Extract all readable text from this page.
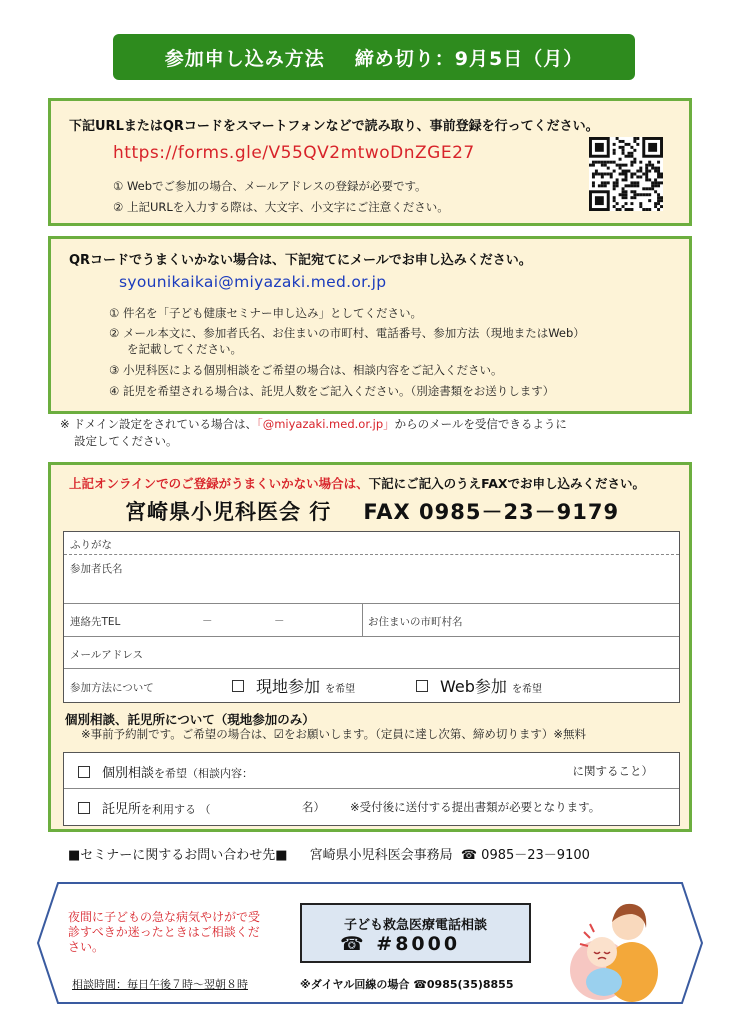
参加申し込み方法 締め切り：9月5日（月）
下記URLまたはQRコードをスマートフォンなどで読み取り、事前登録を行ってください。
https://forms.gle/V55QV2mtwoDnZGE27
① Webでご参加の場合、メールアドレスの登録が必要です。
② 上記URLを入力する際は、大文字、小文字にご注意ください。
QRコードでうまくいかない場合は、下記宛てにメールでお申し込みください。
syounikaikai@miyazaki.med.or.jp
① 件名を「子ども健康セミナー申し込み」としてください。
② メール本文に、参加者氏名、お住まいの市町村、電話番号、参加方法（現地またはWeb）
を記載してください。
③ 小児科医による個別相談をご希望の場合は、相談内容をご記入ください。
④ 託児を希望される場合は、託児人数をご記入ください。（別途書類をお送りします）
※ ドメイン設定をされている場合は、「@miyazaki.med.or.jp」からのメールを受信できるように
設定してください。
上記オンラインでのご登録がうまくいかない場合は、下記にご記入のうえFAXでお申し込みください。
宮崎県小児科医会 行 FAX 0985－23－9179
ふりがな
参加者氏名
連絡先TEL	－	－	お住まいの市町村名
メールアドレス
参加方法について	現地参加 を希望	Web参加 を希望
個別相談、託児所について（現地参加のみ）
※事前予約制です。ご希望の場合は、☑をお願いします。（定員に達し次第、締め切ります）※無料
個別相談を希望（相談内容：	に関すること）
託児所を利用する （	名） ※受付後に送付する提出書類が必要となります。
■セミナーに関するお問い合わせ先■ 宮崎県小児科医会事務局 ☎ 0985－23－9100
夜間に子どもの急な病気やけがで受診すべきか迷ったときはご相談ください。
子ども救急医療電話相談
☎ #8000
相談時間：毎日午後７時～翌朝８時	※ダイヤル回線の場合 ☎0985(35)8855
